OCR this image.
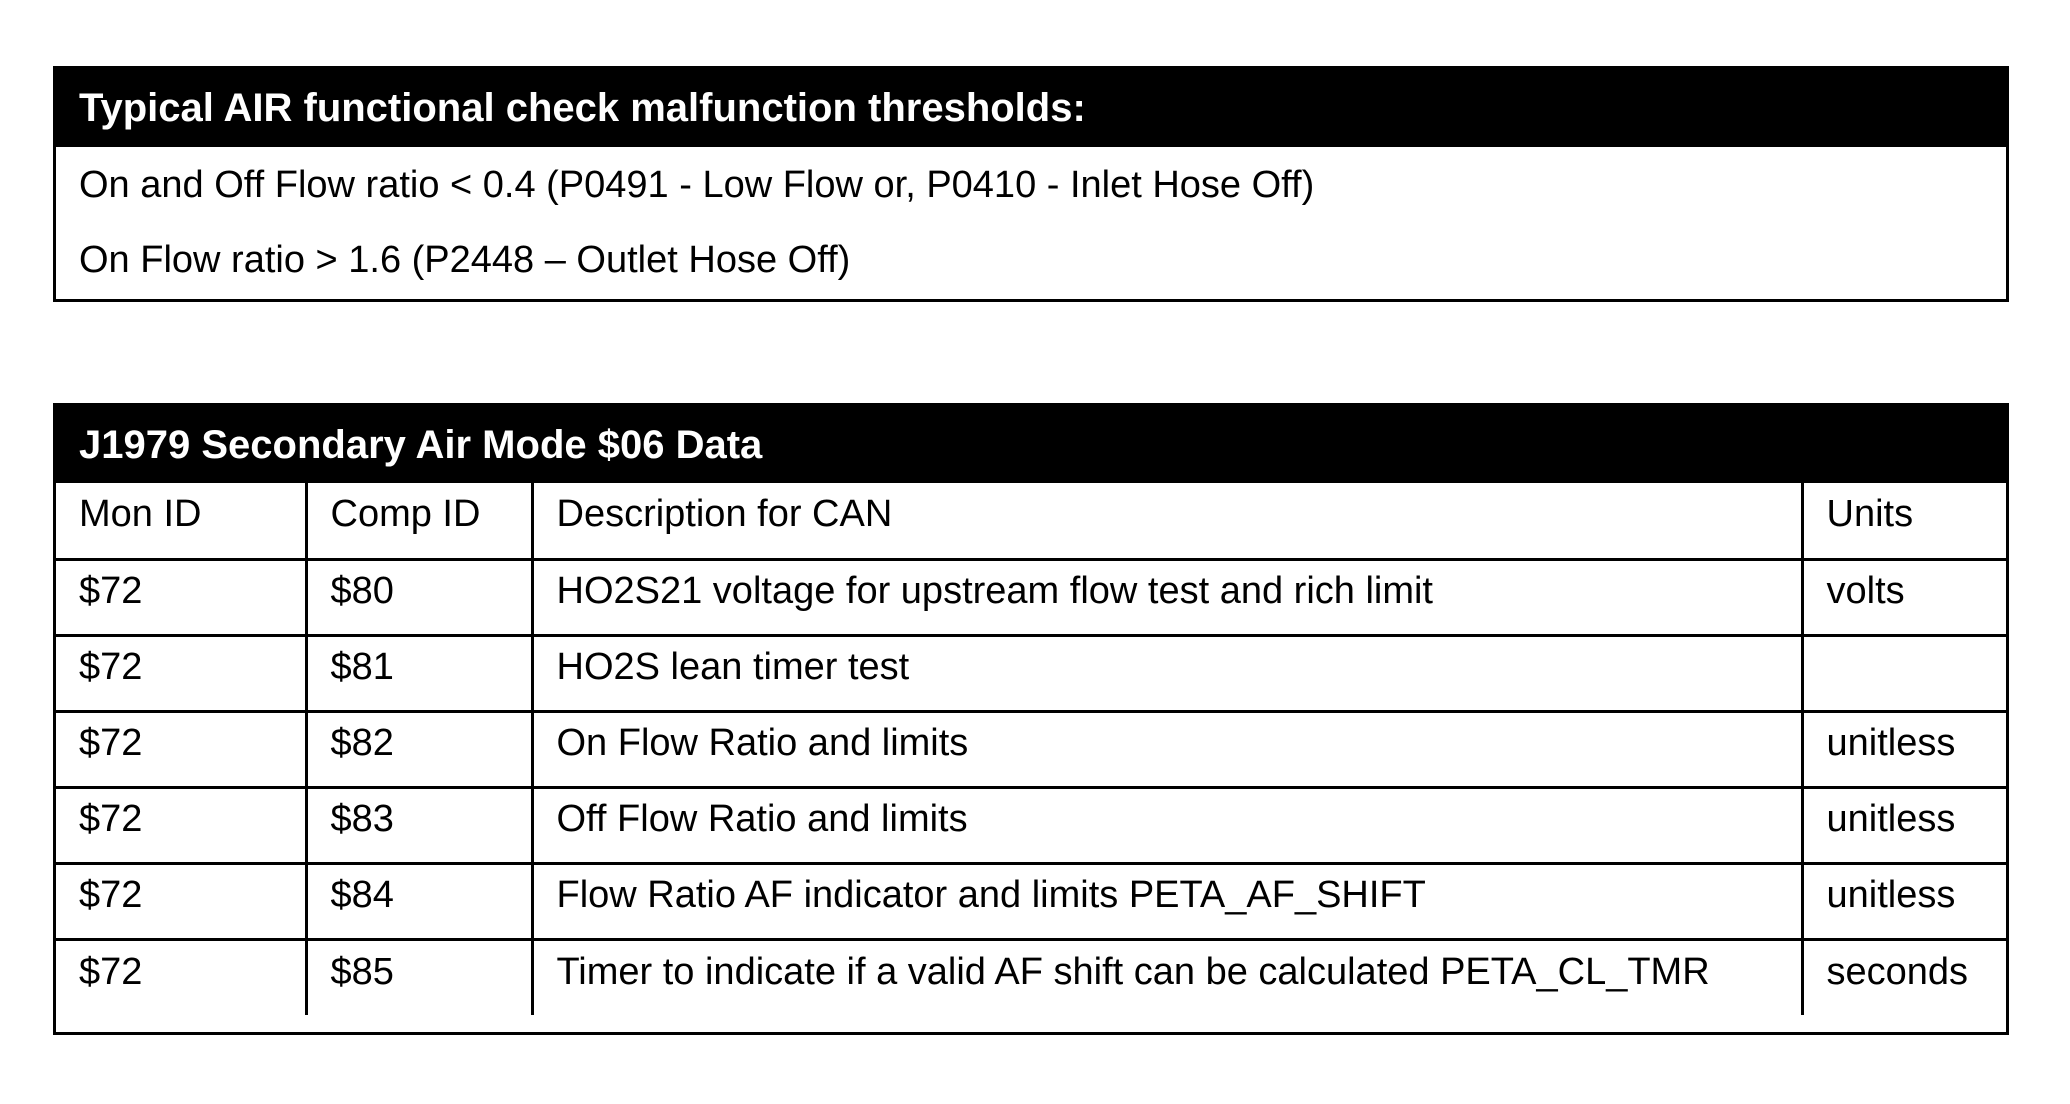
Typical AIR functional check malfunction thresholds:
On and Off Flow ratio < 0.4 (P0491 - Low Flow or, P0410 - Inlet Hose Off)
On Flow ratio > 1.6 (P2448 – Outlet Hose Off)
J1979 Secondary Air Mode $06 Data
Mon ID	Comp ID	Description for CAN	Units

$72	$80	HO2S21 voltage for upstream flow test and rich limit	volts

$72	$81	HO2S lean timer test	

$72	$82	On Flow Ratio and limits	unitless

$72	$83	Off Flow Ratio and limits	unitless

$72	$84	Flow Ratio AF indicator and limits PETA_AF_SHIFT	unitless

$72	$85	Timer to indicate if a valid AF shift can be calculated PETA_CL_TMR	seconds
